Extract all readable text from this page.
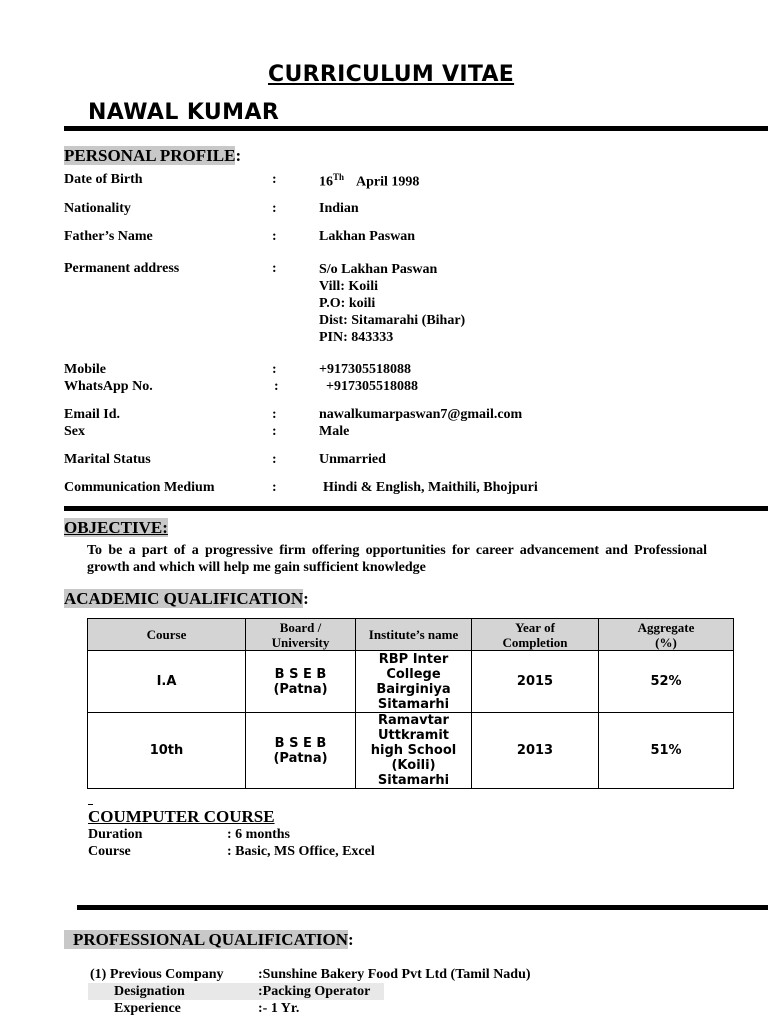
CURRICULUM VITAE
NAWAL KUMAR
PERSONAL PROFILE:
Date of Birth	:	16Th April 1998
Nationality	:	Indian
Father’s Name	:	Lakhan Paswan
Permanent address	:	S/o Lakhan Paswan
Vill: Koili
P.O: koili
Dist: Sitamarahi (Bihar)
PIN: 843333
Mobile	:	+917305518088
WhatsApp No.	:	+917305518088
Email Id.	:	nawalkumarpaswan7@gmail.com
Sex	:	Male
Marital Status	:	Unmarried
Communication Medium	:	Hindi & English, Maithili, Bhojpuri
OBJECTIVE:
To be a part of a progressive firm offering opportunities for career advancement and Professional growth and which will help me gain sufficient knowledge
ACADEMIC QUALIFICATION:
Course	Board / University	Institute’s name	Year of Completion	Aggregate (%)
I.A	B S E B (Patna)	RBP Inter College Bairginiya Sitamarhi	2015	52%
10th	B S E B (Patna)	Ramavtar Uttkramit high School (Koili) Sitamarhi	2013	51%
COUMPUTER COURSE
Duration	: 6 months
Course	: Basic, MS Office, Excel
PROFESSIONAL QUALIFICATION:
(1) Previous Company :Sunshine Bakery Food Pvt Ltd (Tamil Nadu)
Designation	:Packing Operator
Experience	:- 1 Yr.
